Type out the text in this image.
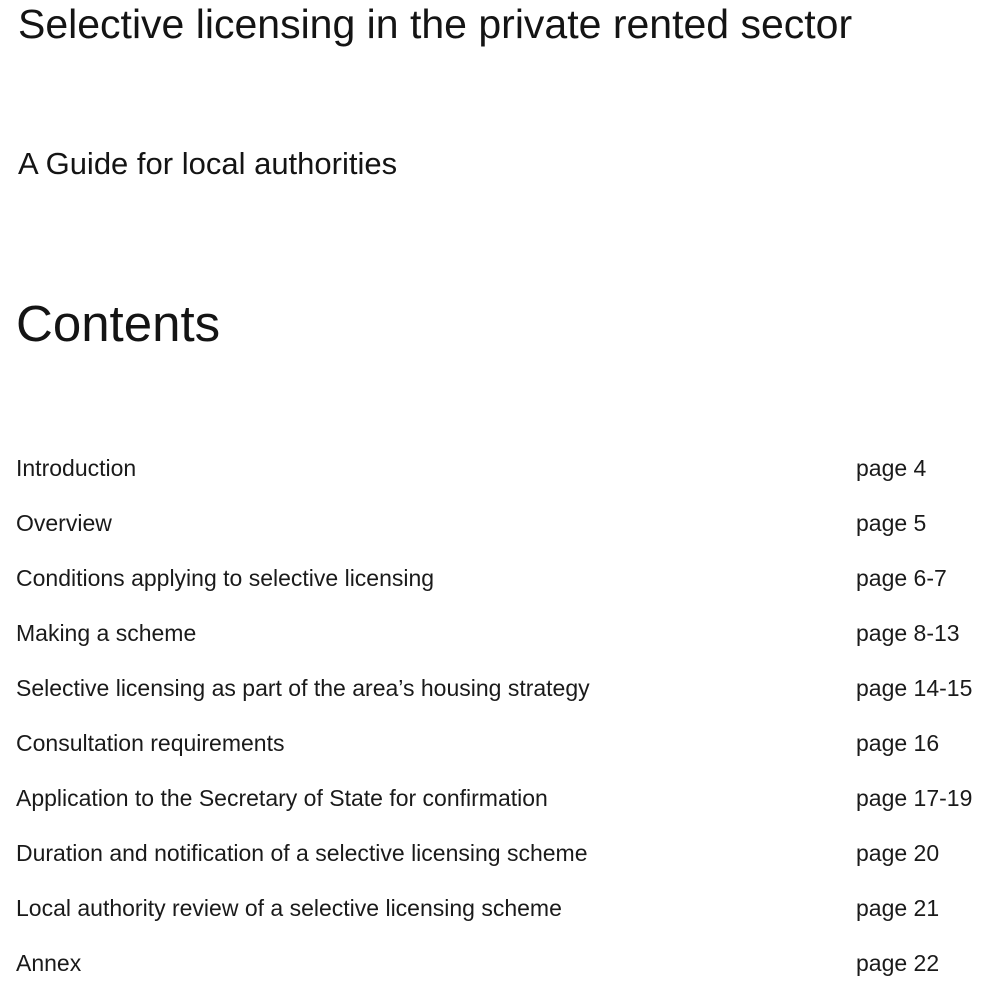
Selective licensing in the private rented sector
A Guide for local authorities
Contents
Introduction	page 4
Overview	page 5
Conditions applying to selective licensing	page 6-7
Making a scheme	page 8-13
Selective licensing as part of the area’s housing strategy	page 14-15
Consultation requirements	page 16
Application to the Secretary of State for confirmation	page 17-19
Duration and notification of a selective licensing scheme	page 20
Local authority review of a selective licensing scheme	page 21
Annex	page 22
